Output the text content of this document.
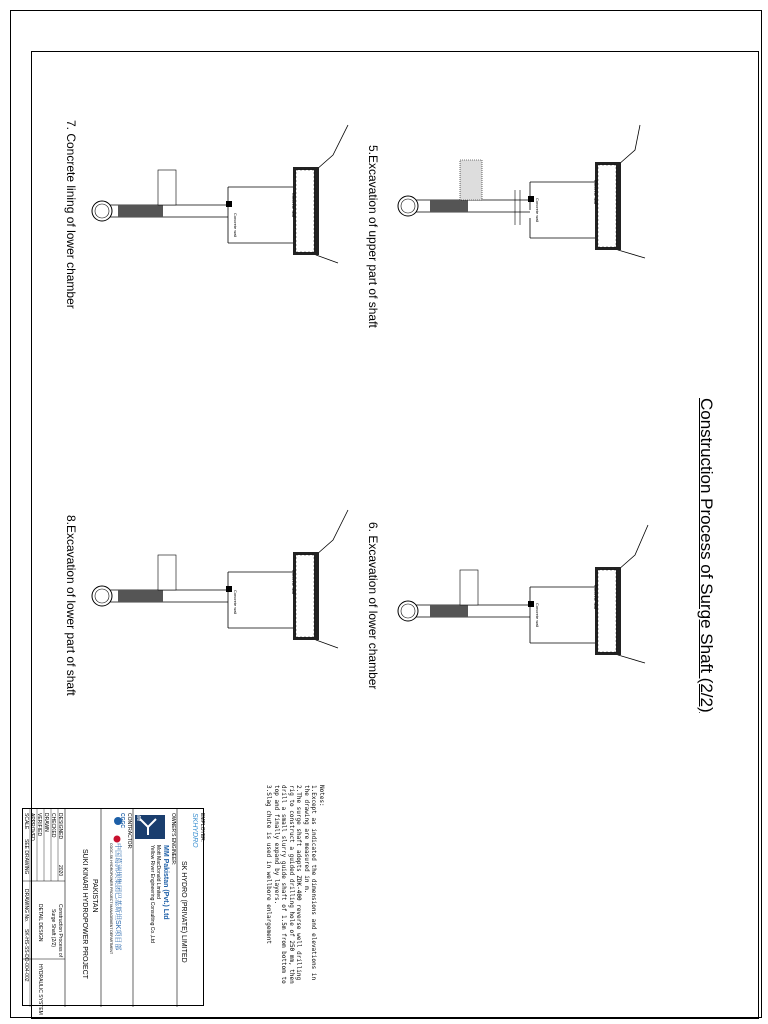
Construction Process of Surge Shaft (2/2)
5.Excavation of upper part of shaft
6. Excavation of lower chamber
7. Concrete lining of lower chamber
8.Excavation of lower part of shaft
Concrete wall
Concrete wall
Concrete wall
Concrete wall
Concrete wall
Concrete wall
Concrete wall
Concrete wall
Notes:
1.Except as indicated the dimensions and elevations in
the drawing are measured in m.
2.The surge shaft adopts ZDK-400 reverse well drilling
rig to construct a guided drilling hole of 250 mm, then
drill a small slurry guide shaft of 1.5m from bottom to
top and finally expand by layers.
3.Slag chute is used in wellbore enlargement
EMPLOYER:
SKHYDRO
SK HYDRO (PRIVATE) LIMITED
OWNER'S ENGINEER:
MM
MM Pakistan (Pvt.) Ltd
Mott MacDonald Limited
Yellow River Engineering Consulting Co.,Ltd
CONTRACTOR:
CGGC
中国葛洲坝集团巴基斯坦SK项目部
CGGC-SK HYDROPOWER PROJECT MANAGEMENT DEPARTMENT
PAKISTAN
SUKI KINARI HYDROPOWER PROJECT
DESIGNED
CHECKED
DRAWN
VERIFIED
APPROVED
SCALE
2020
SEE DRAWING
Construction Process of
Surge Shaft (2/2)
DETAIL DESIGN
HYDRAULIC SYSTEM
DRAWING No.
SK-HS-SS-DD-004-002
